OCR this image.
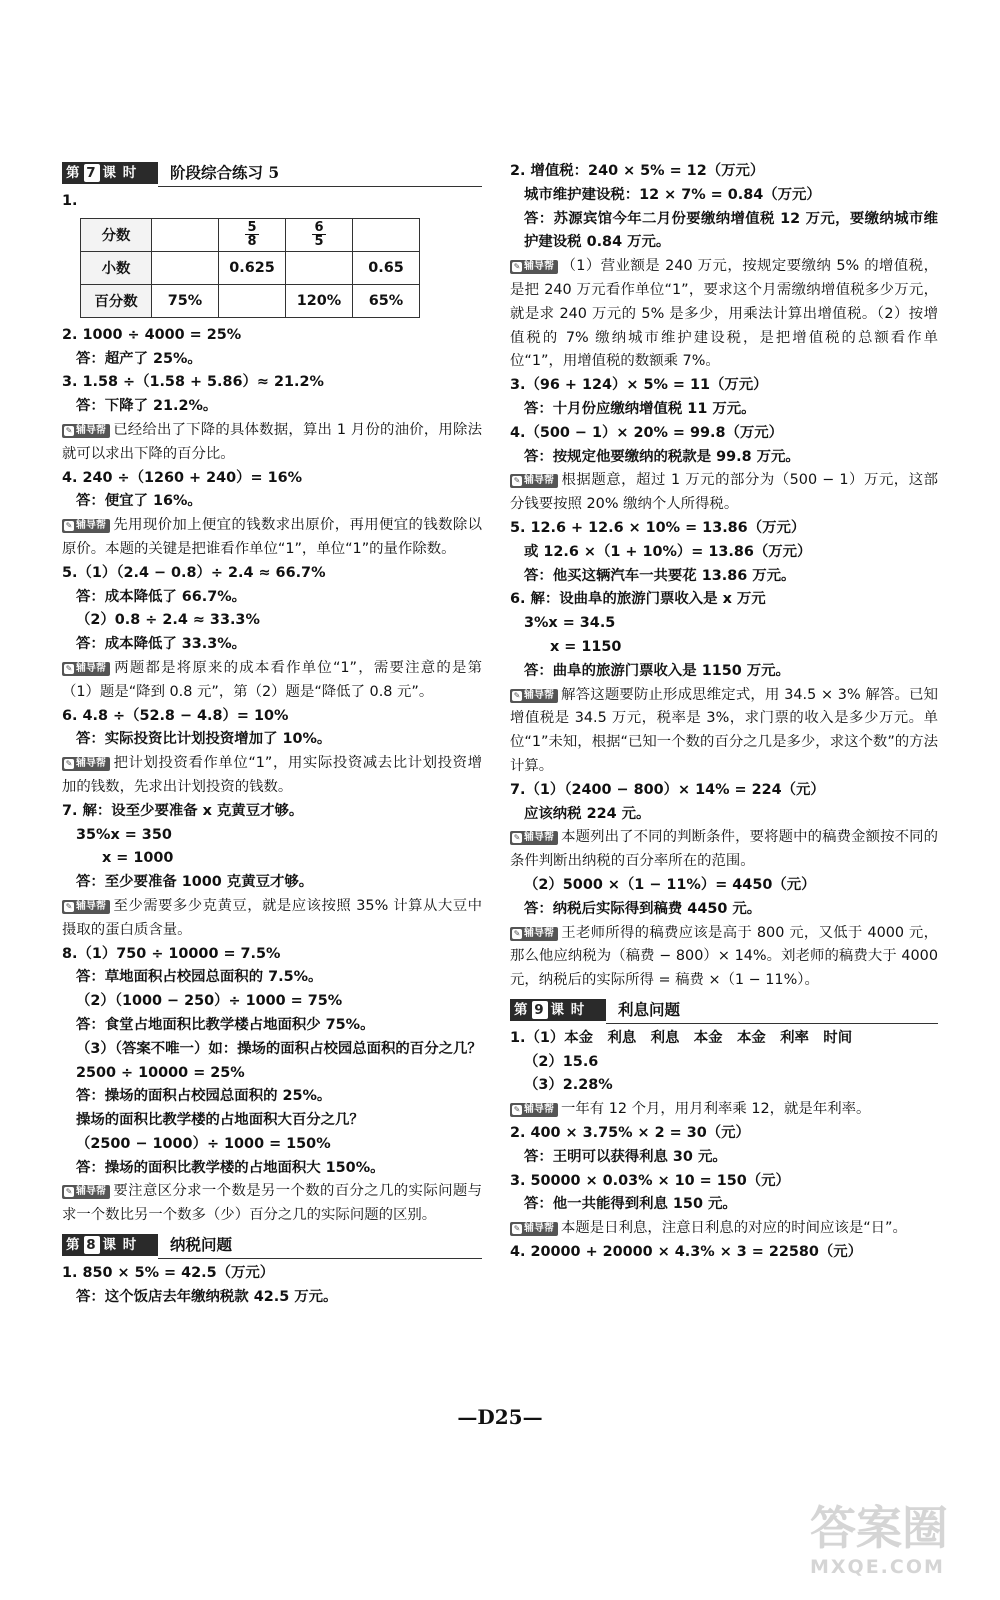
第 7 课 时	阶段综合练习 5
1.
分数		$\frac{5}{8}$	$\frac{6}{5}$

小数		0.625		0.65
百分数	75%		120%	65%
2. 1000 ÷ 4000 = 25%
答：超产了 25%。
3. 1.58 ÷（1.58 + 5.86）≈ 21.2%
答：下降了 21.2%。
✎ 辅导帮 已经给出了下降的具体数据，算出 1 月份的油价，用除法就可以求出下降的百分比。
4. 240 ÷（1260 + 240）= 16%
答：便宜了 16%。
✎ 辅导帮 先用现价加上便宜的钱数求出原价，再用便宜的钱数除以原价。本题的关键是把谁看作单位“1”，单位“1”的量作除数。
5.（1）（2.4 − 0.8）÷ 2.4 ≈ 66.7%
答：成本降低了 66.7%。
（2）0.8 ÷ 2.4 ≈ 33.3%
答：成本降低了 33.3%。
✎ 辅导帮 两题都是将原来的成本看作单位“1”，需要注意的是第（1）题是“降到 0.8 元”，第（2）题是“降低了 0.8 元”。
6. 4.8 ÷（52.8 − 4.8）= 10%
答：实际投资比计划投资增加了 10%。
✎ 辅导帮 把计划投资看作单位“1”，用实际投资减去比计划投资增加的钱数，先求出计划投资的钱数。
7. 解：设至少要准备 x 克黄豆才够。
35%x = 350
x = 1000
答：至少要准备 1000 克黄豆才够。
✎ 辅导帮 至少需要多少克黄豆，就是应该按照 35% 计算从大豆中摄取的蛋白质含量。
8.（1）750 ÷ 10000 = 7.5%
答：草地面积占校园总面积的 7.5%。
（2）（1000 − 250）÷ 1000 = 75%
答：食堂占地面积比教学楼占地面积少 75%。
（3）（答案不唯一）如：操场的面积占校园总面积的百分之几？
2500 ÷ 10000 = 25%
答：操场的面积占校园总面积的 25%。
操场的面积比教学楼的占地面积大百分之几？
（2500 − 1000）÷ 1000 = 150%
答：操场的面积比教学楼的占地面积大 150%。
✎ 辅导帮 要注意区分求一个数是另一个数的百分之几的实际问题与求一个数比另一个数多（少）百分之几的实际问题的区别。
第 8 课 时	纳税问题
1. 850 × 5% = 42.5（万元）
答：这个饭店去年缴纳税款 42.5 万元。
2. 增值税：240 × 5% = 12（万元）
城市维护建设税：12 × 7% = 0.84（万元）
答：苏源宾馆今年二月份要缴纳增值税 12 万元，要缴纳城市维护建设税 0.84 万元。
✎ 辅导帮 （1）营业额是 240 万元，按规定要缴纳 5% 的增值税，是把 240 万元看作单位“1”，要求这个月需缴纳增值税多少万元，就是求 240 万元的 5% 是多少，用乘法计算出增值税。（2）按增值税的 7% 缴纳城市维护建设税，是把增值税的总额看作单位“1”，用增值税的数额乘 7%。
3.（96 + 124）× 5% = 11（万元）
答：十月份应缴纳增值税 11 万元。
4.（500 − 1）× 20% = 99.8（万元）
答：按规定他要缴纳的税款是 99.8 万元。
✎ 辅导帮 根据题意，超过 1 万元的部分为（500 − 1）万元，这部分钱要按照 20% 缴纳个人所得税。
5. 12.6 + 12.6 × 10% = 13.86（万元）
或 12.6 ×（1 + 10%）= 13.86（万元）
答：他买这辆汽车一共要花 13.86 万元。
6. 解：设曲阜的旅游门票收入是 x 万元
3%x = 34.5
x = 1150
答：曲阜的旅游门票收入是 1150 万元。
✎ 辅导帮 解答这题要防止形成思维定式，用 34.5 × 3% 解答。已知增值税是 34.5 万元，税率是 3%，求门票的收入是多少万元。单位“1”未知，根据“已知一个数的百分之几是多少，求这个数”的方法计算。
7.（1）（2400 − 800）× 14% = 224（元）
应该纳税 224 元。
✎ 辅导帮 本题列出了不同的判断条件，要将题中的稿费金额按不同的条件判断出纳税的百分率所在的范围。
（2）5000 ×（1 − 11%）= 4450（元）
答：纳税后实际得到稿费 4450 元。
✎ 辅导帮 王老师所得的稿费应该是高于 800 元，又低于 4000 元，那么他应纳税为（稿费 − 800）× 14%。刘老师的稿费大于 4000 元，纳税后的实际所得 = 稿费 ×（1 − 11%）。
第 9 课 时	利息问题
1.（1）本金　利息　利息　本金　本金　利率　时间
（2）15.6
（3）2.28%
✎ 辅导帮 一年有 12 个月，用月利率乘 12，就是年利率。
2. 400 × 3.75% × 2 = 30（元）
答：王明可以获得利息 30 元。
3. 50000 × 0.03% × 10 = 150（元）
答：他一共能得到利息 150 元。
✎ 辅导帮 本题是日利息，注意日利息的对应的时间应该是“日”。
4. 20000 + 20000 × 4.3% × 3 = 22580（元）
—D25—
答案圈
MXQE.COM
